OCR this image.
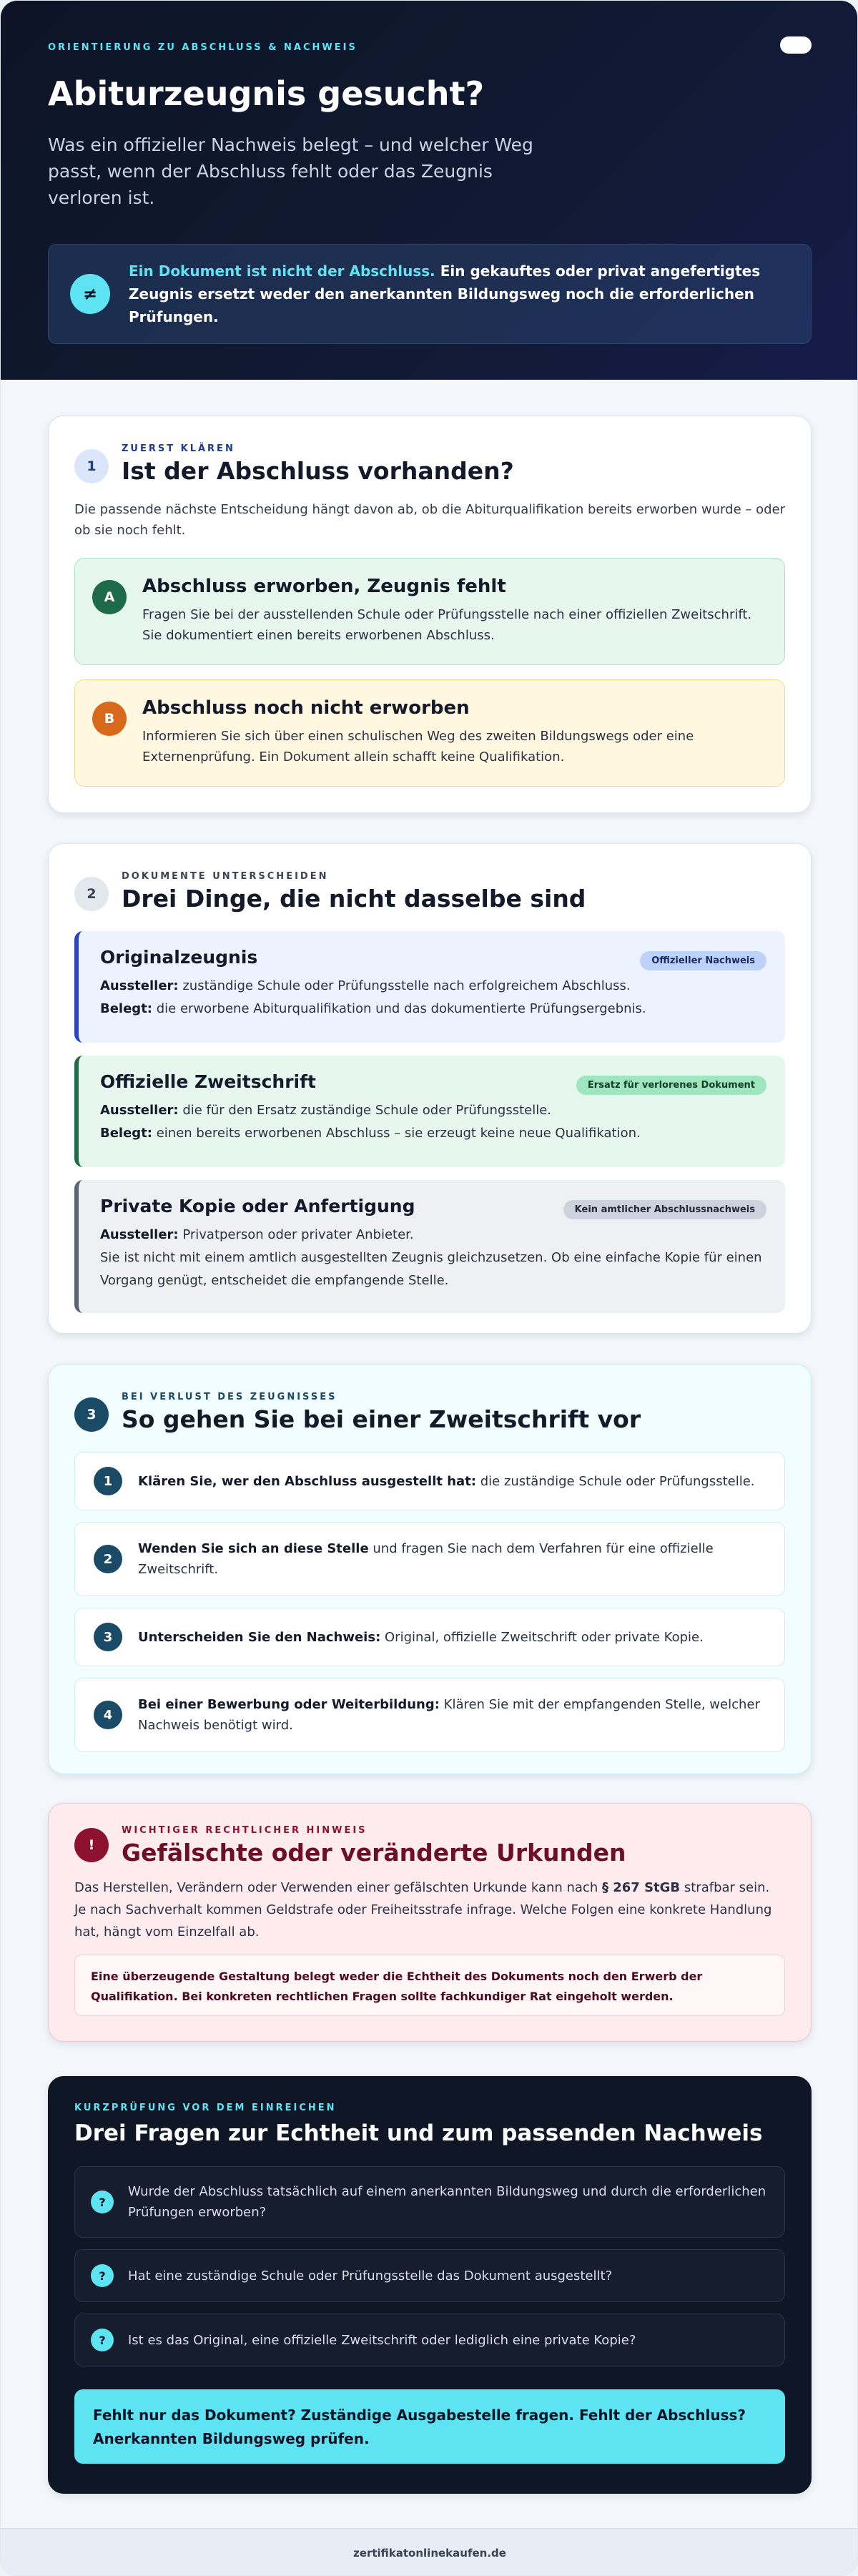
ORIENTIERUNG ZU ABSCHLUSS & NACHWEIS
Abiturzeugnis gesucht?

Was ein offizieller Nachweis belegt – und welcher Weg passt, wenn der Abschluss fehlt oder das Zeugnis verloren ist.

≠

Ein Dokument ist nicht der Abschluss. Ein gekauftes oder privat angefertigtes Zeugnis ersetzt weder den anerkannten Bildungsweg noch die erforderlichen Prüfungen.

1
ZUERST KLÄREN
Ist der Abschluss vorhanden?

Die passende nächste Entscheidung hängt davon ab, ob die Abiturqualifikation bereits erworben wurde – oder ob sie noch fehlt.

A	Abschluss erworben, Zeugnis fehlt

Fragen Sie bei der ausstellenden Schule oder Prüfungsstelle nach einer offiziellen Zweitschrift. Sie dokumentiert einen bereits erworbenen Abschluss.

B	Abschluss noch nicht erworben

Informieren Sie sich über einen schulischen Weg des zweiten Bildungswegs oder eine Externenprüfung. Ein Dokument allein schafft keine Qualifikation.

2
DOKUMENTE UNTERSCHEIDEN
Drei Dinge, die nicht dasselbe sind
Originalzeugnis	Offizieller Nachweis

Aussteller: zuständige Schule oder Prüfungsstelle nach erfolgreichem Abschluss.

Belegt: die erworbene Abiturqualifikation und das dokumentierte Prüfungsergebnis.

Offizielle Zweitschrift	Ersatz für verlorenes Dokument

Aussteller: die für den Ersatz zuständige Schule oder Prüfungsstelle.

Belegt: einen bereits erworbenen Abschluss – sie erzeugt keine neue Qualifikation.

Private Kopie oder Anfertigung	Kein amtlicher Abschlussnachweis

Aussteller: Privatperson oder privater Anbieter.

Sie ist nicht mit einem amtlich ausgestellten Zeugnis gleichzusetzen. Ob eine einfache Kopie für einen Vorgang genügt, entscheidet die empfangende Stelle.

3
BEI VERLUST DES ZEUGNISSES
So gehen Sie bei einer Zweitschrift vor
1	Klären Sie, wer den Abschluss ausgestellt hat: die zuständige Schule oder Prüfungsstelle.

2

Wenden Sie sich an diese Stelle und fragen Sie nach dem Verfahren für eine offizielle Zweitschrift.

3	Unterscheiden Sie den Nachweis: Original, offizielle Zweitschrift oder private Kopie.

4

Bei einer Bewerbung oder Weiterbildung: Klären Sie mit der empfangenden Stelle, welcher Nachweis benötigt wird.

!
WICHTIGER RECHTLICHER HINWEIS
Gefälschte oder veränderte Urkunden

Das Herstellen, Verändern oder Verwenden einer gefälschten Urkunde kann nach § 267 StGB strafbar sein. Je nach Sachverhalt kommen Geldstrafe oder Freiheitsstrafe infrage. Welche Folgen eine konkrete Handlung hat, hängt vom Einzelfall ab.

Eine überzeugende Gestaltung belegt weder die Echtheit des Dokuments noch den Erwerb der Qualifikation. Bei konkreten rechtlichen Fragen sollte fachkundiger Rat eingeholt werden.

KURZPRÜFUNG VOR DEM EINREICHEN
Drei Fragen zur Echtheit und zum passenden Nachweis
?

Wurde der Abschluss tatsächlich auf einem anerkannten Bildungsweg und durch die erforderlichen Prüfungen erworben?

?	Hat eine zuständige Schule oder Prüfungsstelle das Dokument ausgestellt?

?	Ist es das Original, eine offizielle Zweitschrift oder lediglich eine private Kopie?

Fehlt nur das Dokument? Zuständige Ausgabestelle fragen. Fehlt der Abschluss? Anerkannten Bildungsweg prüfen.

zertifikatonlinekaufen.de
